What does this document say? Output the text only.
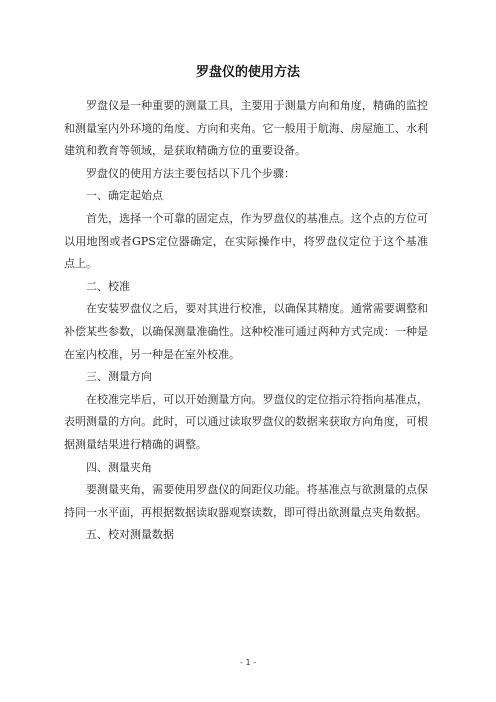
罗盘仪的使用方法

罗盘仪是一种重要的测量工具，主要用于测量方向和角度，精确的监控和测量室内外环境的角度、方向和夹角。它一般用于航海、房屋施工、水利建筑和教育等领域，是获取精确方位的重要设备。

罗盘仪的使用方法主要包括以下几个步骤：

一、确定起始点

首先，选择一个可靠的固定点，作为罗盘仪的基准点。这个点的方位可以用地图或者GPS定位器确定，在实际操作中，将罗盘仪定位于这个基准点上。

二、校准

在安装罗盘仪之后，要对其进行校准，以确保其精度。通常需要调整和补偿某些参数，以确保测量准确性。这种校准可通过两种方式完成：一种是在室内校准，另一种是在室外校准。

三、测量方向

在校准完毕后，可以开始测量方向。罗盘仪的定位指示符指向基准点，表明测量的方向。此时，可以通过读取罗盘仪的数据来获取方向角度，可根据测量结果进行精确的调整。

四、测量夹角

要测量夹角，需要使用罗盘仪的间距仪功能。将基准点与欲测量的点保持同一水平面，再根据数据读取器观察读数，即可得出欲测量点夹角数据。

五、校对测量数据

- 1 -
